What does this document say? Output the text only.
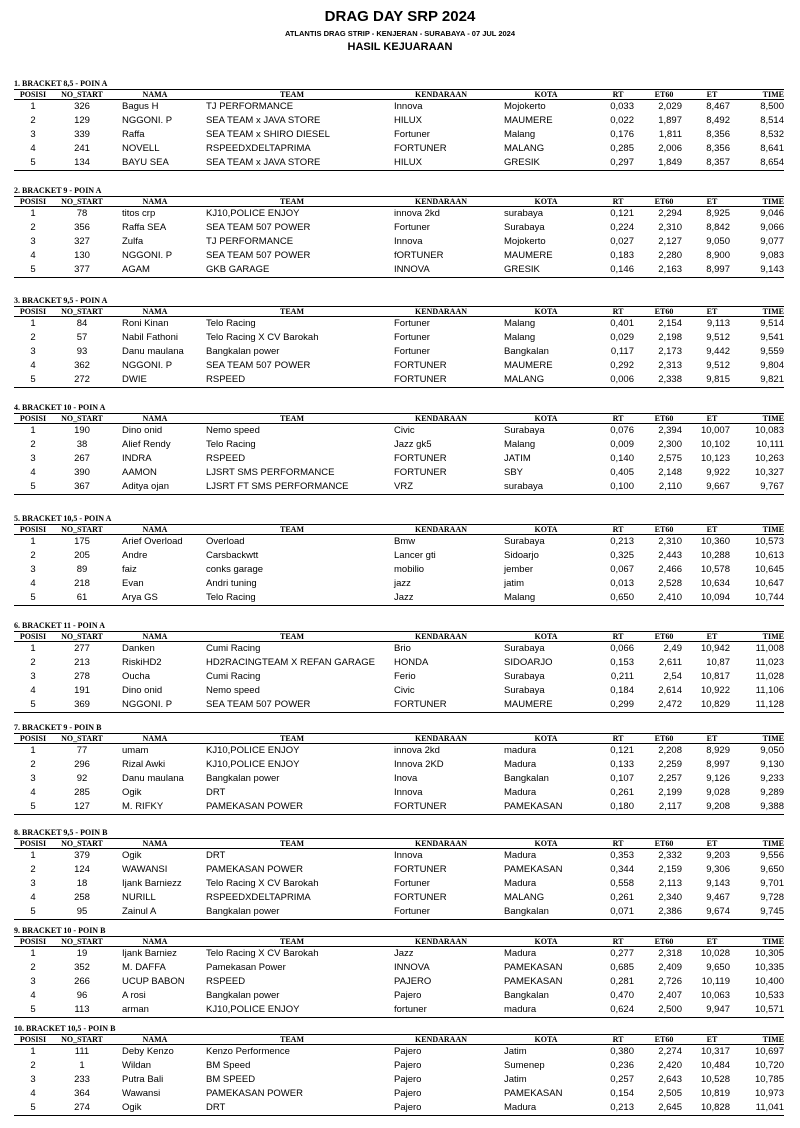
DRAG DAY SRP 2024
ATLANTIS DRAG STRIP - KENJERAN - SURABAYA - 07 JUL 2024
HASIL KEJUARAAN
1. BRACKET 8,5 - POIN A
POSISI	NO_START	NAMA	TEAM	KENDARAAN	KOTA	RT	ET60	ET	TIME
1	326	Bagus H	TJ PERFORMANCE	Innova	Mojokerto	0,033	2,029	8,467	8,500
2	129	NGGONI. P	SEA TEAM x JAVA STORE	HILUX	MAUMERE	0,022	1,897	8,492	8,514
3	339	Raffa	SEA TEAM x SHIRO DIESEL	Fortuner	Malang	0,176	1,811	8,356	8,532
4	241	NOVELL	RSPEEDXDELTAPRIMA	FORTUNER	MALANG	0,285	2,006	8,356	8,641
5	134	BAYU SEA	SEA TEAM x JAVA STORE	HILUX	GRESIK	0,297	1,849	8,357	8,654
2. BRACKET 9 - POIN A
POSISI	NO_START	NAMA	TEAM	KENDARAAN	KOTA	RT	ET60	ET	TIME
1	78	titos crp	KJ10,POLICE ENJOY	innova 2kd	surabaya	0,121	2,294	8,925	9,046
2	356	Raffa SEA	SEA TEAM 507 POWER	Fortuner	Surabaya	0,224	2,310	8,842	9,066
3	327	Zulfa	TJ PERFORMANCE	Innova	Mojokerto	0,027	2,127	9,050	9,077
4	130	NGGONI. P	SEA TEAM 507 POWER	fORTUNER	MAUMERE	0,183	2,280	8,900	9,083
5	377	AGAM	GKB GARAGE	INNOVA	GRESIK	0,146	2,163	8,997	9,143
3. BRACKET 9,5 - POIN A
POSISI	NO_START	NAMA	TEAM	KENDARAAN	KOTA	RT	ET60	ET	TIME
1	84	Roni Kinan	Telo Racing	Fortuner	Malang	0,401	2,154	9,113	9,514
2	57	Nabil Fathoni	Telo Racing X CV Barokah	Fortuner	Malang	0,029	2,198	9,512	9,541
3	93	Danu maulana	Bangkalan power	Fortuner	Bangkalan	0,117	2,173	9,442	9,559
4	362	NGGONI. P	SEA TEAM 507 POWER	FORTUNER	MAUMERE	0,292	2,313	9,512	9,804
5	272	DWIE	RSPEED	FORTUNER	MALANG	0,006	2,338	9,815	9,821
4. BRACKET 10 - POIN A
POSISI	NO_START	NAMA	TEAM	KENDARAAN	KOTA	RT	ET60	ET	TIME
1	190	Dino onid	Nemo speed	Civic	Surabaya	0,076	2,394	10,007	10,083
2	38	Alief Rendy	Telo Racing	Jazz gk5	Malang	0,009	2,300	10,102	10,111
3	267	INDRA	RSPEED	FORTUNER	JATIM	0,140	2,575	10,123	10,263
4	390	AAMON	LJSRT SMS PERFORMANCE	FORTUNER	SBY	0,405	2,148	9,922	10,327
5	367	Aditya ojan	LJSRT FT SMS PERFORMANCE	VRZ	surabaya	0,100	2,110	9,667	9,767
5. BRACKET 10,5 - POIN A
POSISI	NO_START	NAMA	TEAM	KENDARAAN	KOTA	RT	ET60	ET	TIME
1	175	Arief Overload	Overload	Bmw	Surabaya	0,213	2,310	10,360	10,573
2	205	Andre	Carsbackwtt	Lancer gti	Sidoarjo	0,325	2,443	10,288	10,613
3	89	faiz	conks garage	mobilio	jember	0,067	2,466	10,578	10,645
4	218	Evan	Andri tuning	jazz	jatim	0,013	2,528	10,634	10,647
5	61	Arya GS	Telo Racing	Jazz	Malang	0,650	2,410	10,094	10,744
6. BRACKET 11 - POIN A
POSISI	NO_START	NAMA	TEAM	KENDARAAN	KOTA	RT	ET60	ET	TIME
1	277	Danken	Cumi Racing	Brio	Surabaya	0,066	2,49	10,942	11,008
2	213	RiskiHD2	HD2RACINGTEAM X REFAN GARAGE	HONDA	SIDOARJO	0,153	2,611	10,87	11,023
3	278	Oucha	Cumi Racing	Ferio	Surabaya	0,211	2,54	10,817	11,028
4	191	Dino onid	Nemo speed	Civic	Surabaya	0,184	2,614	10,922	11,106
5	369	NGGONI. P	SEA TEAM 507 POWER	FORTUNER	MAUMERE	0,299	2,472	10,829	11,128
7. BRACKET 9 - POIN B
POSISI	NO_START	NAMA	TEAM	KENDARAAN	KOTA	RT	ET60	ET	TIME
1	77	umam	KJ10,POLICE ENJOY	innova 2kd	madura	0,121	2,208	8,929	9,050
2	296	Rizal Awki	KJ10,POLICE ENJOY	Innova 2KD	Madura	0,133	2,259	8,997	9,130
3	92	Danu maulana	Bangkalan power	Inova	Bangkalan	0,107	2,257	9,126	9,233
4	285	Ogik	DRT	Innova	Madura	0,261	2,199	9,028	9,289
5	127	M. RIFKY	PAMEKASAN POWER	FORTUNER	PAMEKASAN	0,180	2,117	9,208	9,388
8. BRACKET 9,5 - POIN B
POSISI	NO_START	NAMA	TEAM	KENDARAAN	KOTA	RT	ET60	ET	TIME
1	379	Ogik	DRT	Innova	Madura	0,353	2,332	9,203	9,556
2	124	WAWANSI	PAMEKASAN POWER	FORTUNER	PAMEKASAN	0,344	2,159	9,306	9,650
3	18	Ijank Barniezz	Telo Racing X CV Barokah	Fortuner	Madura	0,558	2,113	9,143	9,701
4	258	NURILL	RSPEEDXDELTAPRIMA	FORTUNER	MALANG	0,261	2,340	9,467	9,728
5	95	Zainul A	Bangkalan power	Fortuner	Bangkalan	0,071	2,386	9,674	9,745
9. BRACKET 10 - POIN B
POSISI	NO_START	NAMA	TEAM	KENDARAAN	KOTA	RT	ET60	ET	TIME
1	19	Ijank Barniez	Telo Racing X CV Barokah	Jazz	Madura	0,277	2,318	10,028	10,305
2	352	M. DAFFA	Pamekasan Power	INNOVA	PAMEKASAN	0,685	2,409	9,650	10,335
3	266	UCUP BABON	RSPEED	PAJERO	PAMEKASAN	0,281	2,726	10,119	10,400
4	96	A rosi	Bangkalan power	Pajero	Bangkalan	0,470	2,407	10,063	10,533
5	113	arman	KJ10,POLICE ENJOY	fortuner	madura	0,624	2,500	9,947	10,571
10. BRACKET 10,5 - POIN B
POSISI	NO_START	NAMA	TEAM	KENDARAAN	KOTA	RT	ET60	ET	TIME
1	111	Deby Kenzo	Kenzo Performence	Pajero	Jatim	0,380	2,274	10,317	10,697
2	1	Wildan	BM Speed	Pajero	Sumenep	0,236	2,420	10,484	10,720
3	233	Putra Bali	BM SPEED	Pajero	Jatim	0,257	2,643	10,528	10,785
4	364	Wawansi	PAMEKASAN POWER	Pajero	PAMEKASAN	0,154	2,505	10,819	10,973
5	274	Ogik	DRT	Pajero	Madura	0,213	2,645	10,828	11,041
